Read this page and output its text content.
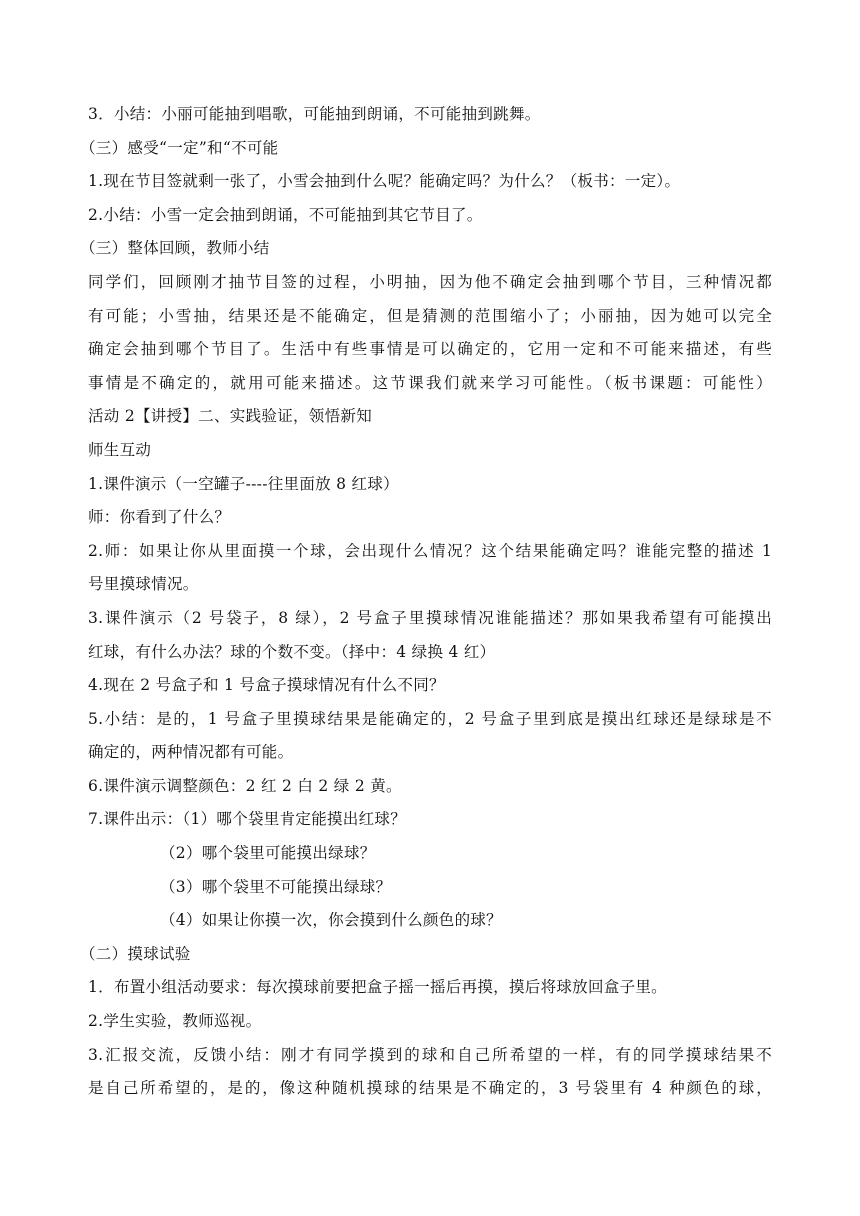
3．小结：小丽可能抽到唱歌，可能抽到朗诵，不可能抽到跳舞。
（三）感受“一定”和“不可能
1.现在节目签就剩一张了，小雪会抽到什么呢？能确定吗？为什么？（板书：一定）。
2.小结：小雪一定会抽到朗诵，不可能抽到其它节目了。
（三）整体回顾，教师小结
同学们，回顾刚才抽节目签的过程，小明抽，因为他不确定会抽到哪个节目，三种情况都
有可能；小雪抽，结果还是不能确定，但是猜测的范围缩小了；小丽抽，因为她可以完全
确定会抽到哪个节目了。生活中有些事情是可以确定的，它用一定和不可能来描述，有些
事情是不确定的，就用可能来描述。这节课我们就来学习可能性。（板书课题：可能性）
活动 2【讲授】二、实践验证，领悟新知
师生互动
1.课件演示（一空罐子----往里面放 8 红球）
师：你看到了什么？
2.师：如果让你从里面摸一个球，会出现什么情况？这个结果能确定吗？谁能完整的描述 1
号里摸球情况。
3.课件演示（2 号袋子，8 绿），2 号盒子里摸球情况谁能描述？那如果我希望有可能摸出
红球，有什么办法？球的个数不变。（择中：4 绿换 4 红）
4.现在 2 号盒子和 1 号盒子摸球情况有什么不同？
5.小结：是的，1 号盒子里摸球结果是能确定的，2 号盒子里到底是摸出红球还是绿球是不
确定的，两种情况都有可能。
6.课件演示调整颜色：2 红 2 白 2 绿 2 黄。
7.课件出示：（1）哪个袋里肯定能摸出红球？
（2）哪个袋里可能摸出绿球？
（3）哪个袋里不可能摸出绿球？
（4）如果让你摸一次，你会摸到什么颜色的球？
（二）摸球试验
1．布置小组活动要求：每次摸球前要把盒子摇一摇后再摸，摸后将球放回盒子里。
2.学生实验，教师巡视。
3.汇报交流，反馈小结：刚才有同学摸到的球和自己所希望的一样，有的同学摸球结果不
是自己所希望的，是的，像这种随机摸球的结果是不确定的，3 号袋里有 4 种颜色的球，
